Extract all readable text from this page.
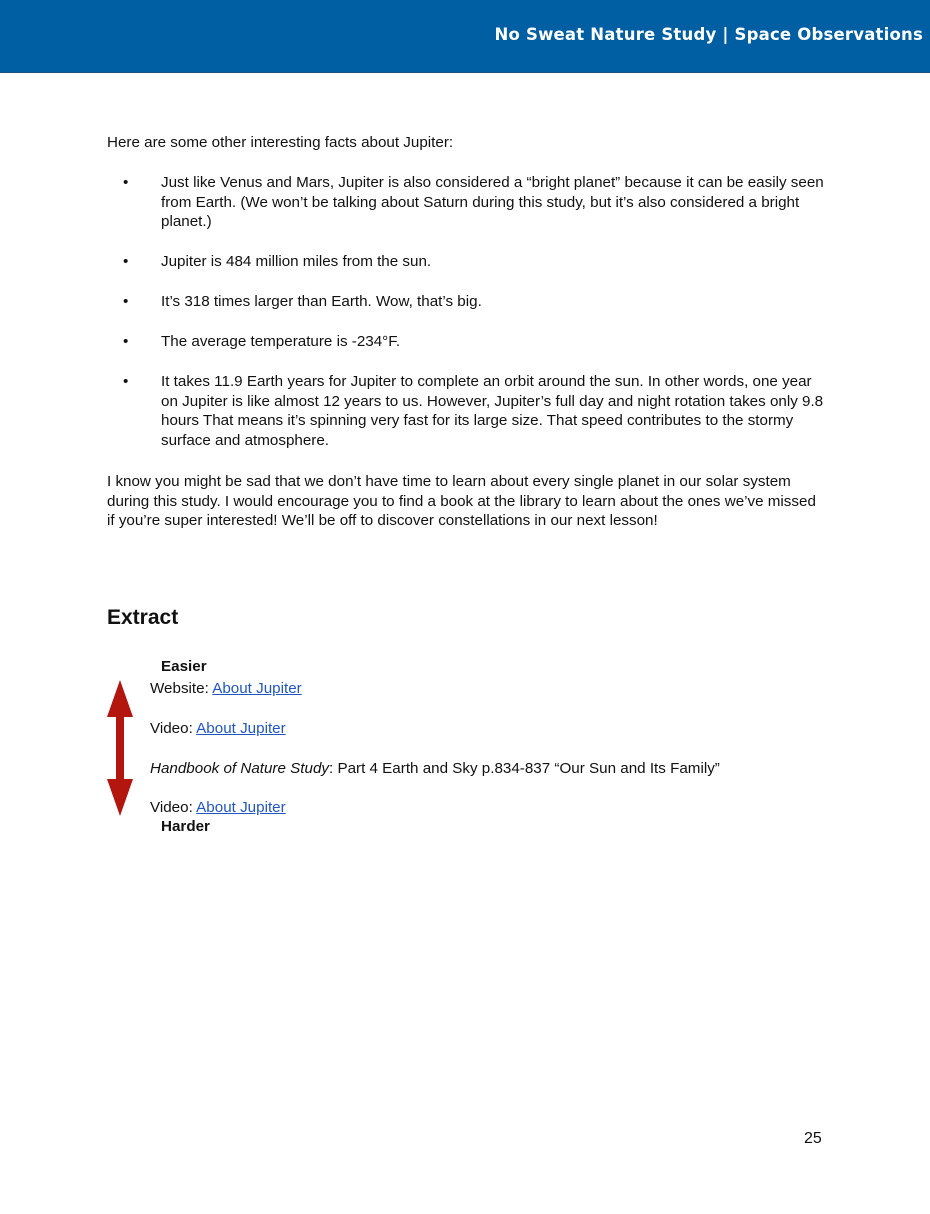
No Sweat Nature Study | Space Observations

Here are some other interesting facts about Jupiter:

• Just like Venus and Mars, Jupiter is also considered a “bright planet” because it can be easily seen from Earth. (We won’t be talking about Saturn during this study, but it’s also considered a bright planet.)
• Jupiter is 484 million miles from the sun.
• It’s 318 times larger than Earth. Wow, that’s big.
• The average temperature is -234°F.
• It takes 11.9 Earth years for Jupiter to complete an orbit around the sun. In other words, one year on Jupiter is like almost 12 years to us. However, Jupiter’s full day and night rotation takes only 9.8 hours That means it’s spinning very fast for its large size. That speed contributes to the stormy surface and atmosphere.

I know you might be sad that we don’t have time to learn about every single planet in our solar system during this study. I would encourage you to find a book at the library to learn about the ones we’ve missed if you’re super interested! We’ll be off to discover constellations in our next lesson!

Extract
Easier
Website: About Jupiter
Video: About Jupiter
Handbook of Nature Study: Part 4 Earth and Sky p.834-837 “Our Sun and Its Family”
Video: About Jupiter
Harder
25
